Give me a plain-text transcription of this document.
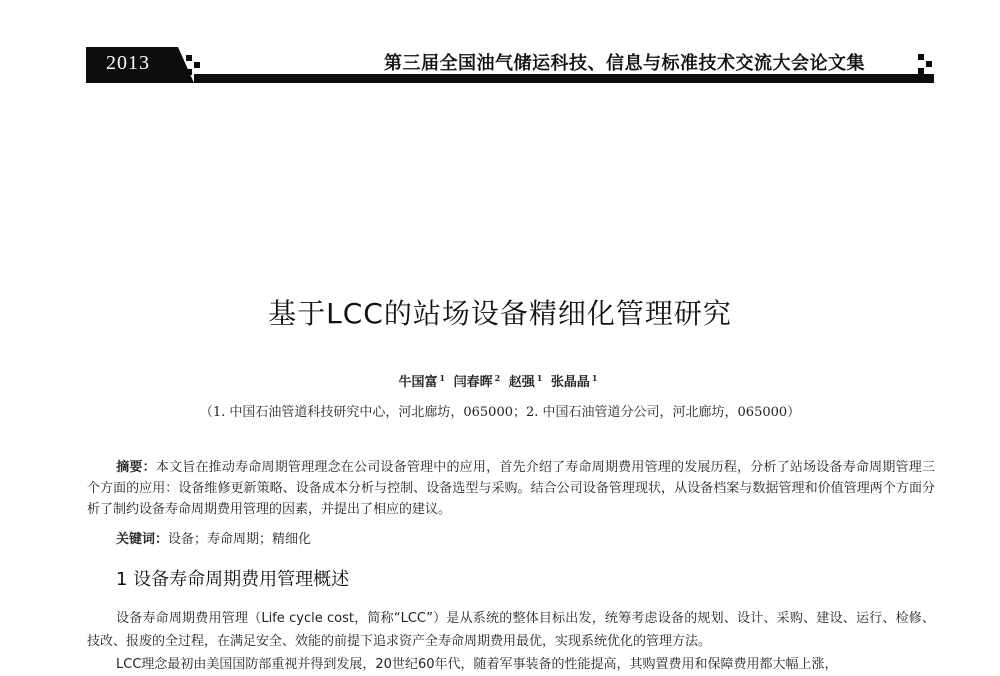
2013	第三届全国油气储运科技、信息与标准技术交流大会论文集
基于LCC的站场设备精细化管理研究
牛国富 $^1$ 闫春晖 $^2$ 赵强 $^1$ 张晶晶 $^1$
（1. 中国石油管道科技研究中心，河北廊坊，065000；2. 中国石油管道分公司，河北廊坊，065000）
摘要：本文旨在推动寿命周期管理理念在公司设备管理中的应用，首先介绍了寿命周期费用管理的发展历程，分析了站场设备寿命周期管理三个方面的应用：设备维修更新策略、设备成本分析与控制、设备选型与采购。结合公司设备管理现状，从设备档案与数据管理和价值管理两个方面分析了制约设备寿命周期费用管理的因素，并提出了相应的建议。
关键词：设备；寿命周期；精细化
1 设备寿命周期费用管理概述

设备寿命周期费用管理（Life cycle cost，简称“LCC”）是从系统的整体目标出发，统筹考虑设备的规划、设计、采购、建设、运行、检修、技改、报废的全过程，在满足安全、效能的前提下追求资产全寿命周期费用最优，实现系统优化的管理方法。

LCC理念最初由美国国防部重视并得到发展，20世纪60年代，随着军事装备的性能提高，其购置费用和保障费用都大幅上涨，
